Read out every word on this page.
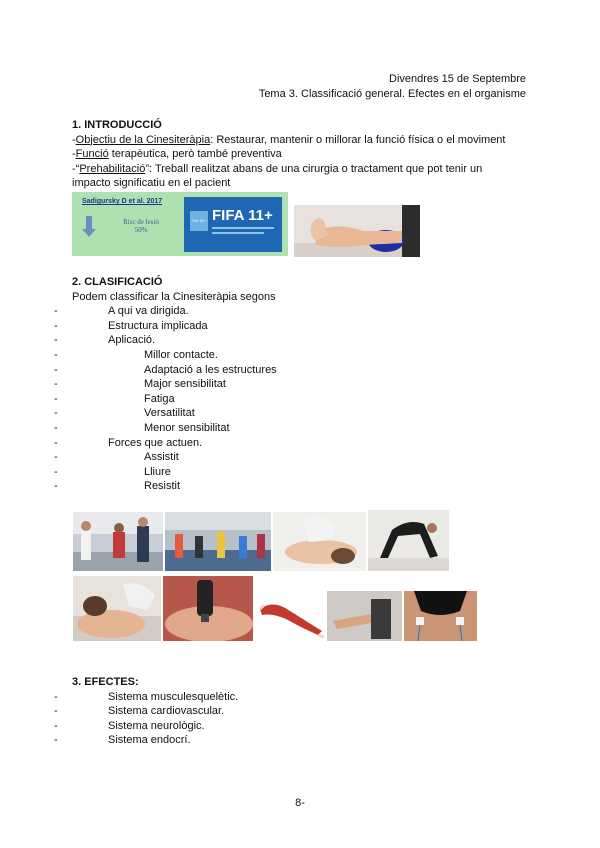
Divendres 15 de Septembre
Tema 3. Classificació general. Efectes en el organisme
1. INTRODUCCIÓ
-Objectiu de la Cinesiteràpia: Restaurar, mantenir o millorar la funció física o el moviment
-Funció terapèutica, però també preventiva
-“Prehabilitació”: Treball realitzat abans de una cirurgia o tractament que pot tenir un impacto significatiu en el pacient
Sadigursky D et al. 2017
Risc de lesió
50%
The 11+ FIFA 11+
2. CLASIFICACIÓ
Podem classificar la Cinesiteràpia segons
- A qui va dirigida.
- Estructura implicada
- Aplicació.
- Millor contacte.
- Adaptació a les estructures
- Major sensibilitat
- Fatiga
- Versatilitat
- Menor sensibilitat
- Forces que actuen.
- Assistit
- Lliure
- Resistit
3. EFECTES:
- Sistema musculesquelètic.
- Sistema cardiovascular.
- Sistema neurològic.
- Sistema endocrí.
8-
